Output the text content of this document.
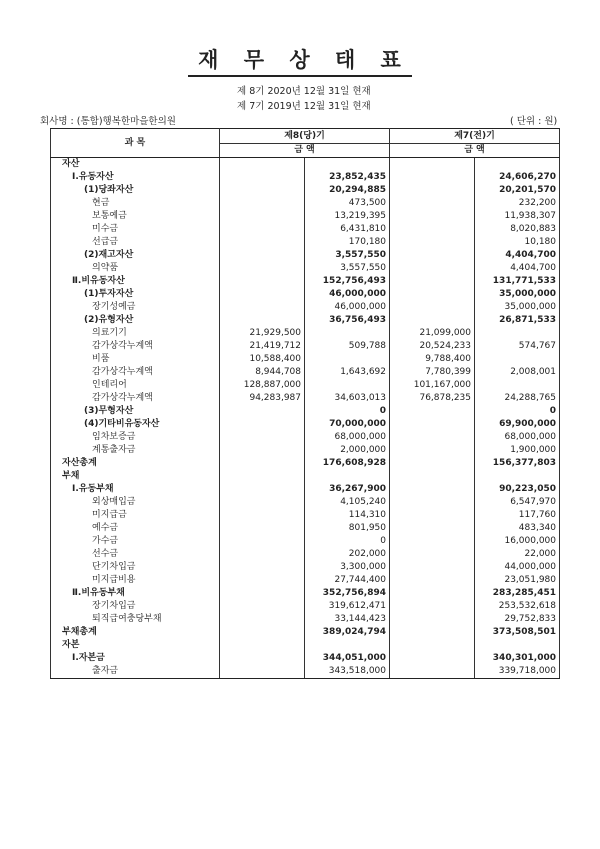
재 무 상 태 표
제 8기 2020년 12월 31일 현재
제 7기 2019년 12월 31일 현재
회사명 : (통합)행복한마을한의원	( 단위 : 원)
과 목	제8(당)기		제7(전)기	
	금 액		금 액	

자산				

Ⅰ.유동자산		23,852,435		24,606,270

(1)당좌자산		20,294,885		20,201,570

현금		473,500		232,200

보통예금		13,219,395		11,938,307

미수금		6,431,810		8,020,883

선급금		170,180		10,180

(2)재고자산		3,557,550		4,404,700

의약품		3,557,550		4,404,700

Ⅱ.비유동자산		152,756,493		131,771,533

(1)투자자산		46,000,000		35,000,000

장기성예금		46,000,000		35,000,000

(2)유형자산		36,756,493		26,871,533

의료기기	21,929,500		21,099,000	

감가상각누계액	21,419,712	509,788	20,524,233	574,767

비품	10,588,400		9,788,400	

감가상각누계액	8,944,708	1,643,692	7,780,399	2,008,001

인테리어	128,887,000		101,167,000	

감가상각누계액	94,283,987	34,603,013	76,878,235	24,288,765

(3)무형자산		0		0

(4)기타비유동자산		70,000,000		69,900,000

임차보증금		68,000,000		68,000,000

계통출자금		2,000,000		1,900,000

자산총계		176,608,928		156,377,803

부채				

Ⅰ.유동부채		36,267,900		90,223,050

외상매입금		4,105,240		6,547,970

미지급금		114,310		117,760

예수금		801,950		483,340

가수금		0		16,000,000

선수금		202,000		22,000

단기차입금		3,300,000		44,000,000

미지급비용		27,744,400		23,051,980

Ⅱ.비유동부채		352,756,894		283,285,451

장기차입금		319,612,471		253,532,618

퇴직급여충당부채		33,144,423		29,752,833

부채총계		389,024,794		373,508,501

자본				

Ⅰ.자본금		344,051,000		340,301,000

출자금		343,518,000		339,718,000
